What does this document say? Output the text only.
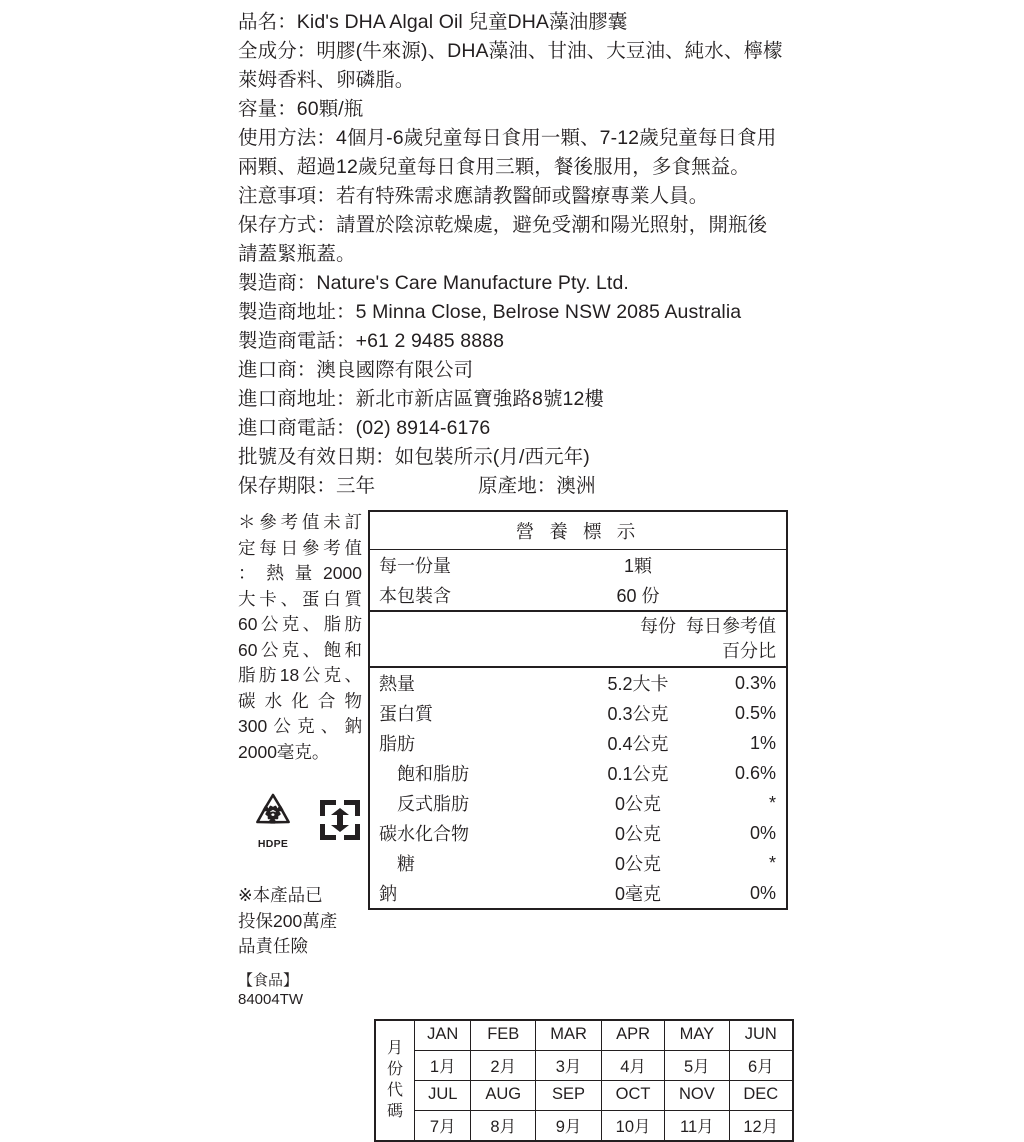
品名：Kid's DHA Algal Oil 兒童DHA藻油膠囊
全成分：明膠(牛來源)、DHA藻油、甘油、大豆油、純水、檸檬萊姆香料、卵磷脂。
容量：60顆/瓶
使用方法：4個月-6歲兒童每日食用一顆、7-12歲兒童每日食用兩顆、超過12歲兒童每日食用三顆，餐後服用，多食無益。
注意事項：若有特殊需求應請教醫師或醫療專業人員。
保存方式：請置於陰涼乾燥處，避免受潮和陽光照射，開瓶後請蓋緊瓶蓋。
製造商：Nature's Care Manufacture Pty. Ltd.
製造商地址：5 Minna Close, Belrose NSW 2085 Australia
製造商電話：+61 2 9485 8888
進口商：澳良國際有限公司
進口商地址：新北市新店區寶強路8號12樓
進口商電話：(02) 8914-6176
批號及有效日期：如包裝所示(月/西元年)
保存期限：三年	原產地：澳洲
＊參考值未訂
定每日參考值
：熱量2000
大卡、蛋白質
60公克、脂肪
60公克、飽和
脂肪18公克、
碳水化合物
300公克、鈉
2000毫克。
2
HDPE
※本產品已
投保200萬產
品責任險
【食品】84004TW
營 養 標 示
每一份量	1顆
本包裝含	60 份
每份 每日參考值
百分比
熱量	5.2大卡	0.3%
蛋白質	0.3公克	0.5%
脂肪	0.4公克	1%
飽和脂肪	0.1公克	0.6%
反式脂肪	0公克	*
碳水化合物	0公克	0%
糖	0公克	*
鈉	0毫克	0%
月
份
代
碼	JAN	FEB	MAR	APR	MAY	JUN
	1月	2月	3月	4月	5月	6月
	JUL	AUG	SEP	OCT	NOV	DEC
	7月	8月	9月	10月	11月	12月
